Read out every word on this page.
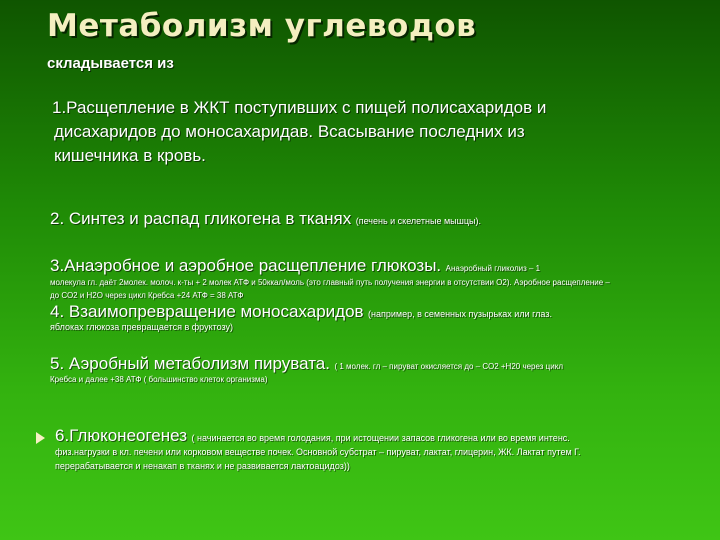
Метаболизм углеводов
складывается из
1.Расщепление в ЖКТ поступивших с пищей полисахаридов и
дисахаридов до моносахаридав. Всасывание последних из
кишечника в кровь.
2. Синтез и распад гликогена в тканях (печень и скелетные мышцы).
3.Анаэробное и аэробное расщепление глюкозы. Анаэробный гликолиз – 1
молекула гл. даёт 2молек. молоч. к-ты + 2 молек АТФ и 50ккал/моль (это главный путь получения энергии в отсутствии О2). Аэробное расщепление –
до СО2 и Н2О через цикл Кребса +24 АТФ = 38 АТФ
4. Взаимопревращение моносахаридов (например, в семенных пузырьках или глаз.
яблоках глюкоза превращается в фруктозу)
5. Аэробный метаболизм пирувата. ( 1 молек. гл – пируват окисляется до – СО2 +Н20 через цикл
Кребса и далее +38 АТФ ( большинство клеток организма)
6.Глюконеогенез ( начинается во время голодания, при истощении запасов гликогена или во время интенс.
физ.нагрузки в кл. печени или корковом веществе почек. Основной субстрат – пируват, лактат, глицерин, ЖК. Лактат путем Г.
перерабатывается и ненакап в тканях и не развивается лактоацидоз))
